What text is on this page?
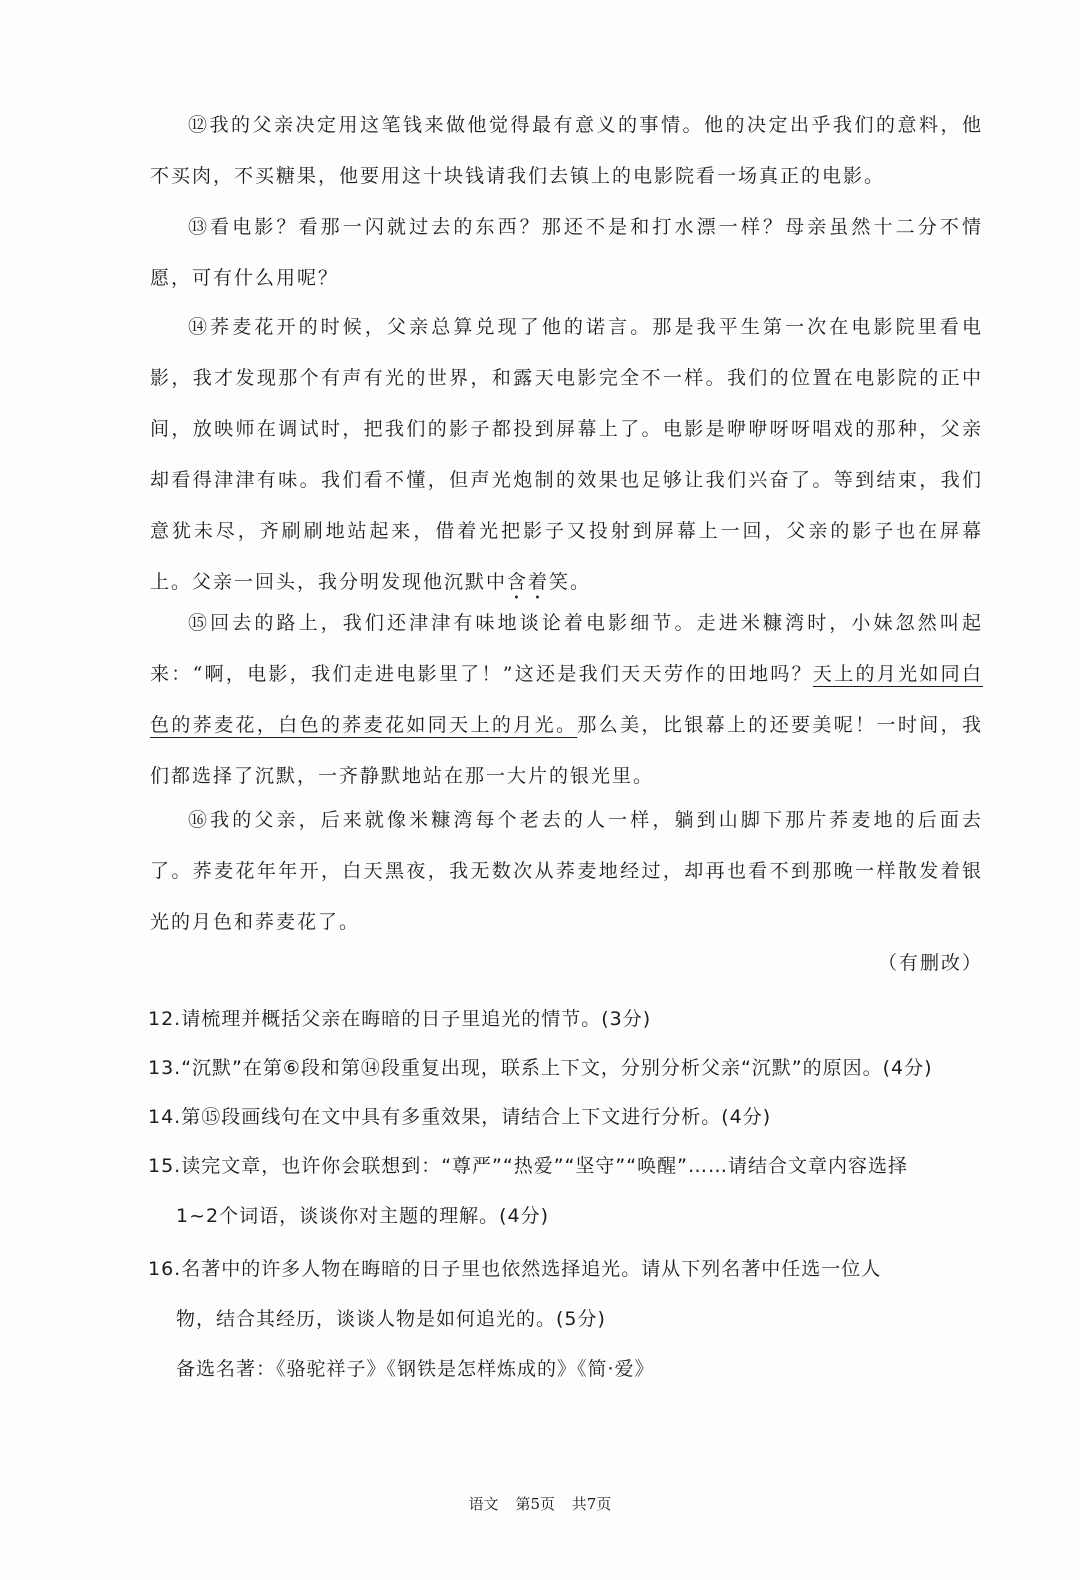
⑫我的父亲决定用这笔钱来做他觉得最有意义的事情。他的决定出乎我们的意料，他不买肉，不买糖果，他要用这十块钱请我们去镇上的电影院看一场真正的电影。

⑬看电影？看那一闪就过去的东西？那还不是和打水漂一样？母亲虽然十二分不情愿，可有什么用呢？

⑭荞麦花开的时候，父亲总算兑现了他的诺言。那是我平生第一次在电影院里看电影，我才发现那个有声有光的世界，和露天电影完全不一样。我们的位置在电影院的正中间，放映师在调试时，把我们的影子都投到屏幕上了。电影是咿咿呀呀唱戏的那种，父亲却看得津津有味。我们看不懂，但声光炮制的效果也足够让我们兴奋了。等到结束，我们意犹未尽，齐刷刷地站起来，借着光把影子又投射到屏幕上一回，父亲的影子也在屏幕上。父亲一回头，我分明发现他沉默中含着笑。

⑮回去的路上，我们还津津有味地谈论着电影细节。走进米糠湾时，小妹忽然叫起来：“啊，电影，我们走进电影里了！”这还是我们天天劳作的田地吗？天上的月光如同白色的荞麦花，白色的荞麦花如同天上的月光。那么美，比银幕上的还要美呢！一时间，我们都选择了沉默，一齐静默地站在那一大片的银光里。

⑯我的父亲，后来就像米糠湾每个老去的人一样，躺到山脚下那片荞麦地的后面去了。荞麦花年年开，白天黑夜，我无数次从荞麦地经过，却再也看不到那晚一样散发着银光的月色和荞麦花了。

（有删改）

12.请梳理并概括父亲在晦暗的日子里追光的情节。(3分)

13.“沉默”在第⑥段和第⑭段重复出现，联系上下文，分别分析父亲“沉默”的原因。(4分)

14.第⑮段画线句在文中具有多重效果，请结合上下文进行分析。(4分)

15.读完文章，也许你会联想到：“尊严”“热爱”“坚守”“唤醒”……请结合文章内容选择
1~2个词语，谈谈你对主题的理解。(4分)

16.名著中的许多人物在晦暗的日子里也依然选择追光。请从下列名著中任选一位人
物，结合其经历，谈谈人物是如何追光的。(5分)
备选名著：《骆驼祥子》《钢铁是怎样炼成的》《简·爱》

语文 第5页 共7页
